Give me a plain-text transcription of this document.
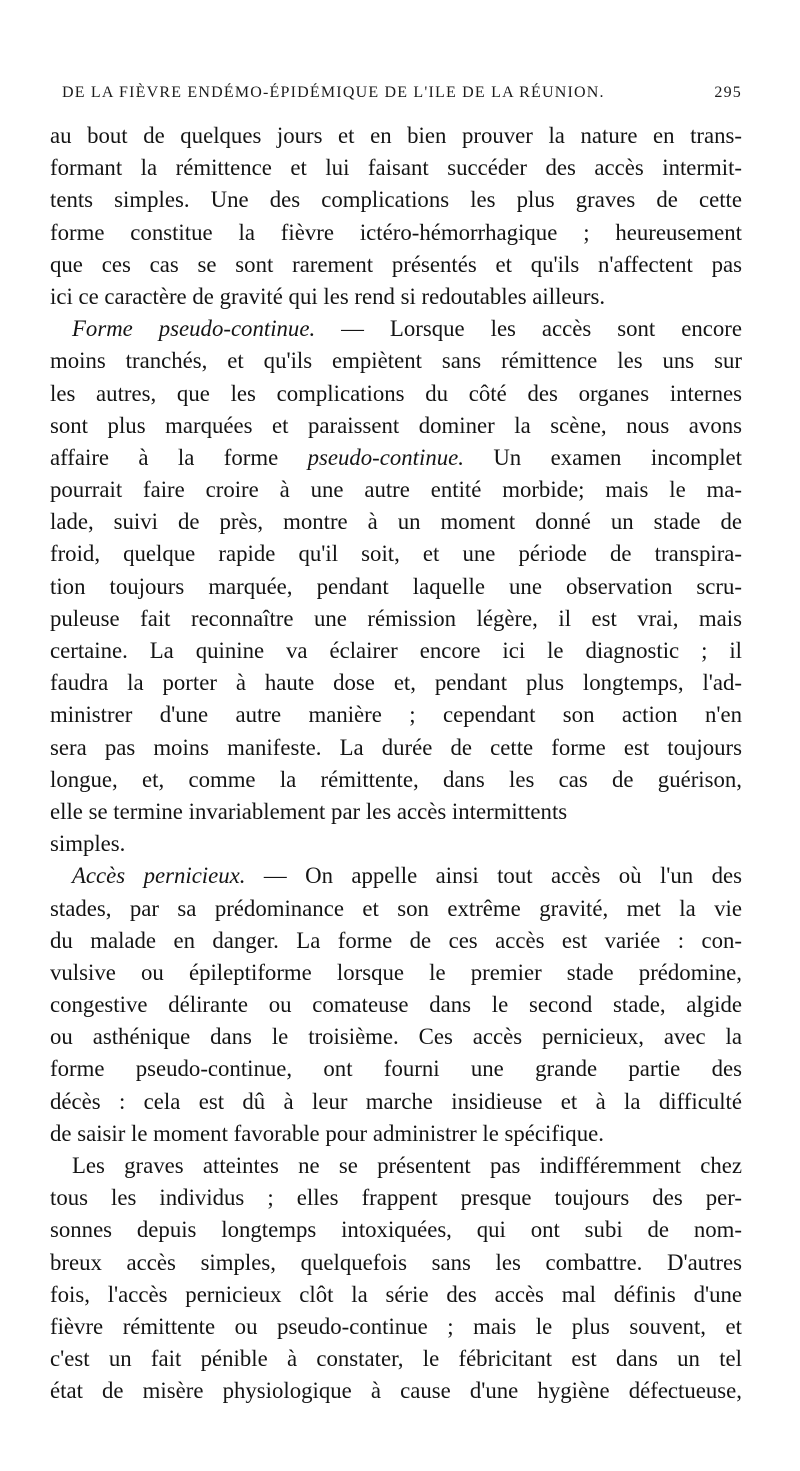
DE LA FIÈVRE ENDÉMO-ÉPIDÉMIQUE DE L'ILE DE LA RÉUNION.	295
au bout de quelques jours et en bien prouver la nature en trans-
formant la rémittence et lui faisant succéder des accès intermit-
tents simples. Une des complications les plus graves de cette
forme constitue la fièvre ictéro-hémorrhagique ; heureusement
que ces cas se sont rarement présentés et qu'ils n'affectent pas
ici ce caractère de gravité qui les rend si redoutables ailleurs.
Forme pseudo-continue. — Lorsque les accès sont encore
moins tranchés, et qu'ils empiètent sans rémittence les uns sur
les autres, que les complications du côté des organes internes
sont plus marquées et paraissent dominer la scène, nous avons
affaire à la forme pseudo-continue. Un examen incomplet
pourrait faire croire à une autre entité morbide; mais le ma-
lade, suivi de près, montre à un moment donné un stade de
froid, quelque rapide qu'il soit, et une période de transpira-
tion toujours marquée, pendant laquelle une observation scru-
puleuse fait reconnaître une rémission légère, il est vrai, mais
certaine. La quinine va éclairer encore ici le diagnostic ; il
faudra la porter à haute dose et, pendant plus longtemps, l'ad-
ministrer d'une autre manière ; cependant son action n'en
sera pas moins manifeste. La durée de cette forme est toujours
longue, et, comme la rémittente, dans les cas de guérison,
elle se termine invariablement par les accès intermittents
simples.
Accès pernicieux. — On appelle ainsi tout accès où l'un des
stades, par sa prédominance et son extrême gravité, met la vie
du malade en danger. La forme de ces accès est variée : con-
vulsive ou épileptiforme lorsque le premier stade prédomine,
congestive délirante ou comateuse dans le second stade, algide
ou asthénique dans le troisième. Ces accès pernicieux, avec la
forme pseudo-continue, ont fourni une grande partie des
décès : cela est dû à leur marche insidieuse et à la difficulté
de saisir le moment favorable pour administrer le spécifique.
Les graves atteintes ne se présentent pas indifféremment chez
tous les individus ; elles frappent presque toujours des per-
sonnes depuis longtemps intoxiquées, qui ont subi de nom-
breux accès simples, quelquefois sans les combattre. D'autres
fois, l'accès pernicieux clôt la série des accès mal définis d'une
fièvre rémittente ou pseudo-continue ; mais le plus souvent, et
c'est un fait pénible à constater, le fébricitant est dans un tel
état de misère physiologique à cause d'une hygiène défectueuse,
